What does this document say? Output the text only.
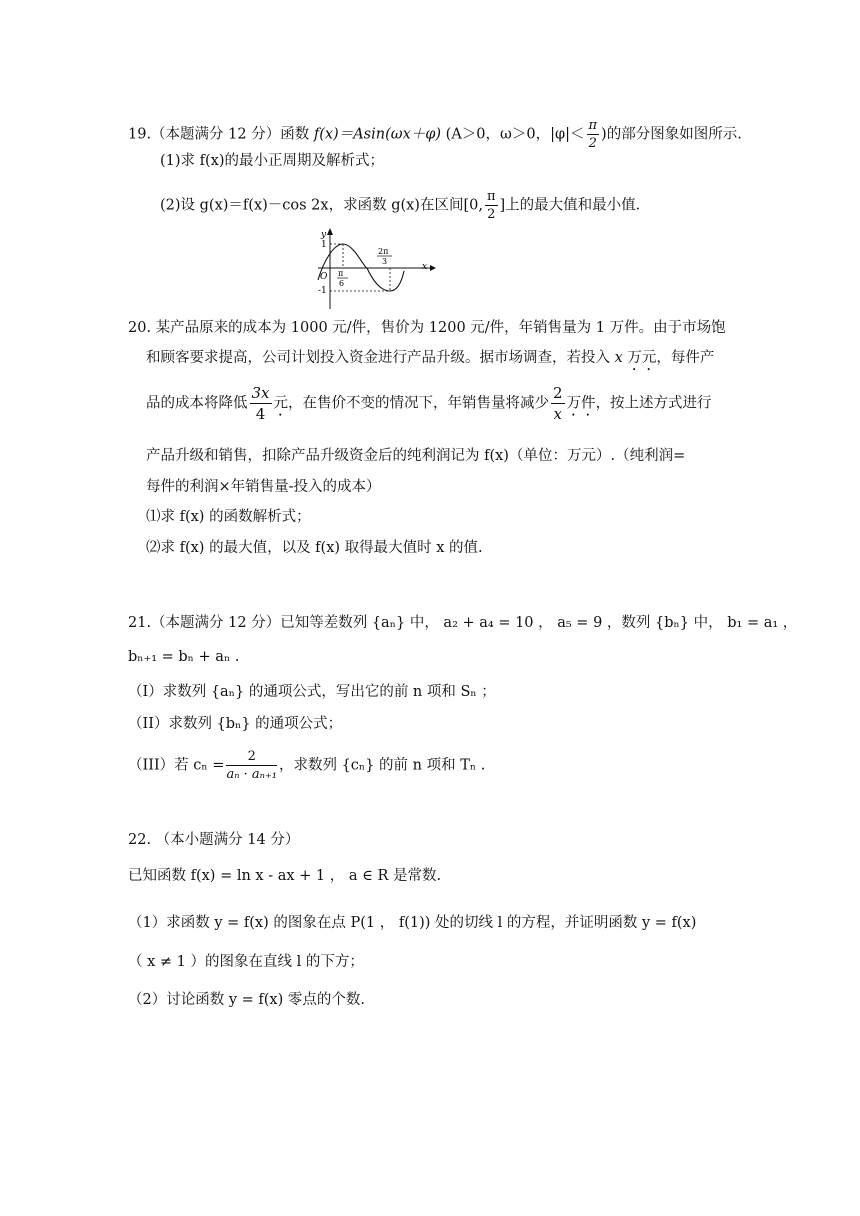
19.（本题满分 12 分）函数 f(x)＝Asin(ωx＋φ) (A＞0，ω＞0，$|\varphi|< \frac{\pi}{2}$ )的部分图象如图所示.
(1)求 f(x)的最小正周期及解析式；
(2)设 g(x)＝f(x)－cos 2x，求函数 g(x)在区间[0, $\frac{\pi}{2}$ ]上的最大值和最小值.
y
x
O
1
-1
π
6
2π
3
20. 某产品原来的成本为 1000 元/件，售价为 1200 元/件，年销售量为 1 万件。由于市场饱
和顾客要求提高，公司计划投入资金进行产品升级。据市场调查，若投入 x 万元，每件产
品的成本将降低 $\frac{3x}{4}$ 元，在售价不变的情况下，年销售量将减少 $\frac{2}{x}$ 万件，按上述方式进行
产品升级和销售，扣除产品升级资金后的纯利润记为 f(x)（单位：万元）.（纯利润=
每件的利润×年销售量-投入的成本）
⑴求 f(x) 的函数解析式；
⑵求 f(x) 的最大值，以及 f(x) 取得最大值时 x 的值.
21.（本题满分 12 分）已知等差数列 {aₙ} 中， a₂ + a₄ = 10 ， a₅ = 9 ，数列 {bₙ} 中， b₁ = a₁ ，
bₙ₊₁ = bₙ + aₙ .
（I）求数列 {aₙ} 的通项公式，写出它的前 n 项和 Sₙ ；
（II）求数列 {bₙ} 的通项公式；
（III）若 $c_n = \frac{2}{\text{aₙ · aₙ₊₁}}$ ，求数列 {cₙ} 的前 n 项和 Tₙ .
22. （本小题满分 14 分）
已知函数 f(x) = ln x - ax + 1 ， a ∈ R 是常数.
（1）求函数 y = f(x) 的图象在点 P(1 ， f(1)) 处的切线 l 的方程，并证明函数 y = f(x)
（ x ≠ 1 ）的图象在直线 l 的下方；
（2）讨论函数 y = f(x) 零点的个数.
